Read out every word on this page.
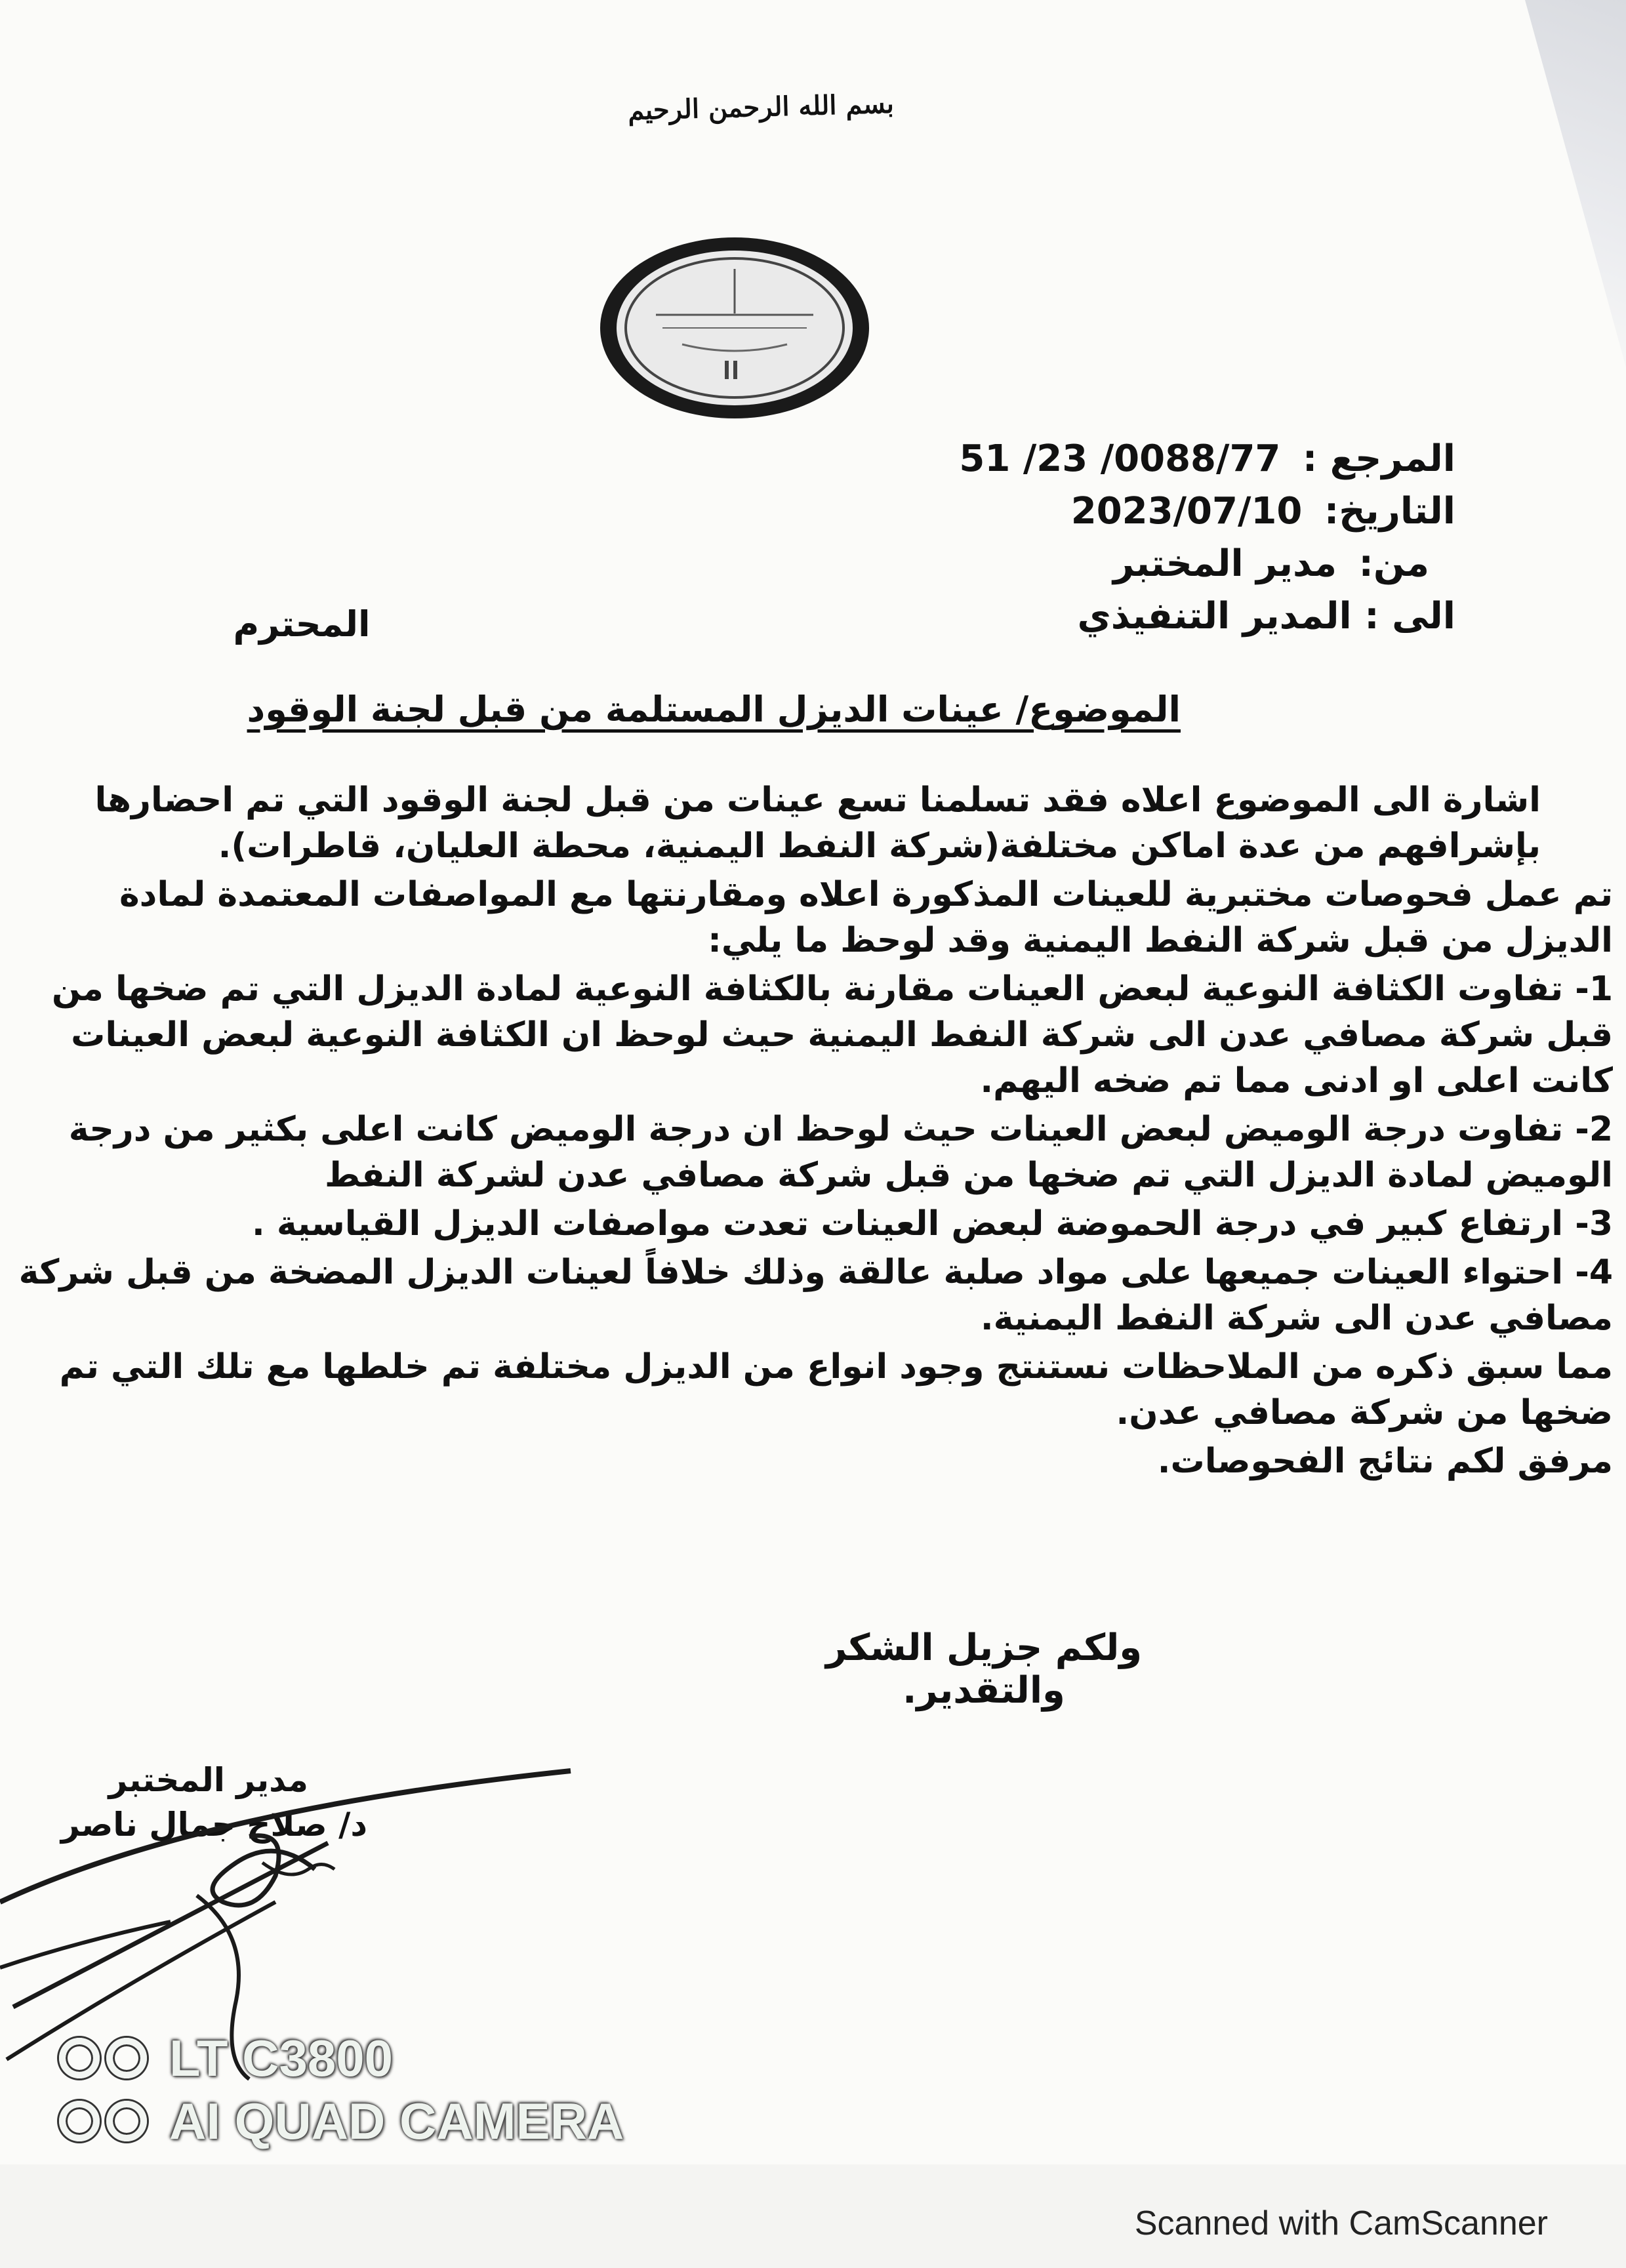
بسم الله الرحمن الرحيم
المرجع : 51 /23 /0088/77
التاريخ: 2023/07/10
من: مدير المختبر
الى : المدير التنفيذي
المحترم
الموضوع/ عينات الديزل المستلمة من قبل لجنة الوقود

اشارة الى الموضوع اعلاه فقد تسلمنا تسع عينات من قبل لجنة الوقود التي تم احضارها بإشرافهم من عدة اماكن مختلفة(شركة النفط اليمنية، محطة العليان، قاطرات).

تم عمل فحوصات مختبرية للعينات المذكورة اعلاه ومقارنتها مع المواصفات المعتمدة لمادة الديزل من قبل شركة النفط اليمنية وقد لوحظ ما يلي:

1- تفاوت الكثافة النوعية لبعض العينات مقارنة بالكثافة النوعية لمادة الديزل التي تم ضخها من قبل شركة مصافي عدن الى شركة النفط اليمنية حيث لوحظ ان الكثافة النوعية لبعض العينات كانت اعلى او ادنى مما تم ضخه اليهم.

2- تفاوت درجة الوميض لبعض العينات حيث لوحظ ان درجة الوميض كانت اعلى بكثير من درجة الوميض لمادة الديزل التي تم ضخها من قبل شركة مصافي عدن لشركة النفط

3- ارتفاع كبير في درجة الحموضة لبعض العينات تعدت مواصفات الديزل القياسية .

4- احتواء العينات جميعها على مواد صلبة عالقة وذلك خلافاً لعينات الديزل المضخة من قبل شركة مصافي عدن الى شركة النفط اليمنية.

مما سبق ذكره من الملاحظات نستنتج وجود انواع من الديزل مختلفة تم خلطها مع تلك التي تم ضخها من شركة مصافي عدن.

مرفق لكم نتائج الفحوصات.

ولكم جزيل الشكر والتقدير.
مدير المختبر
د/ صلاح جمال ناصر
LT C3800
AI QUAD CAMERA
Scanned with CamScanner
